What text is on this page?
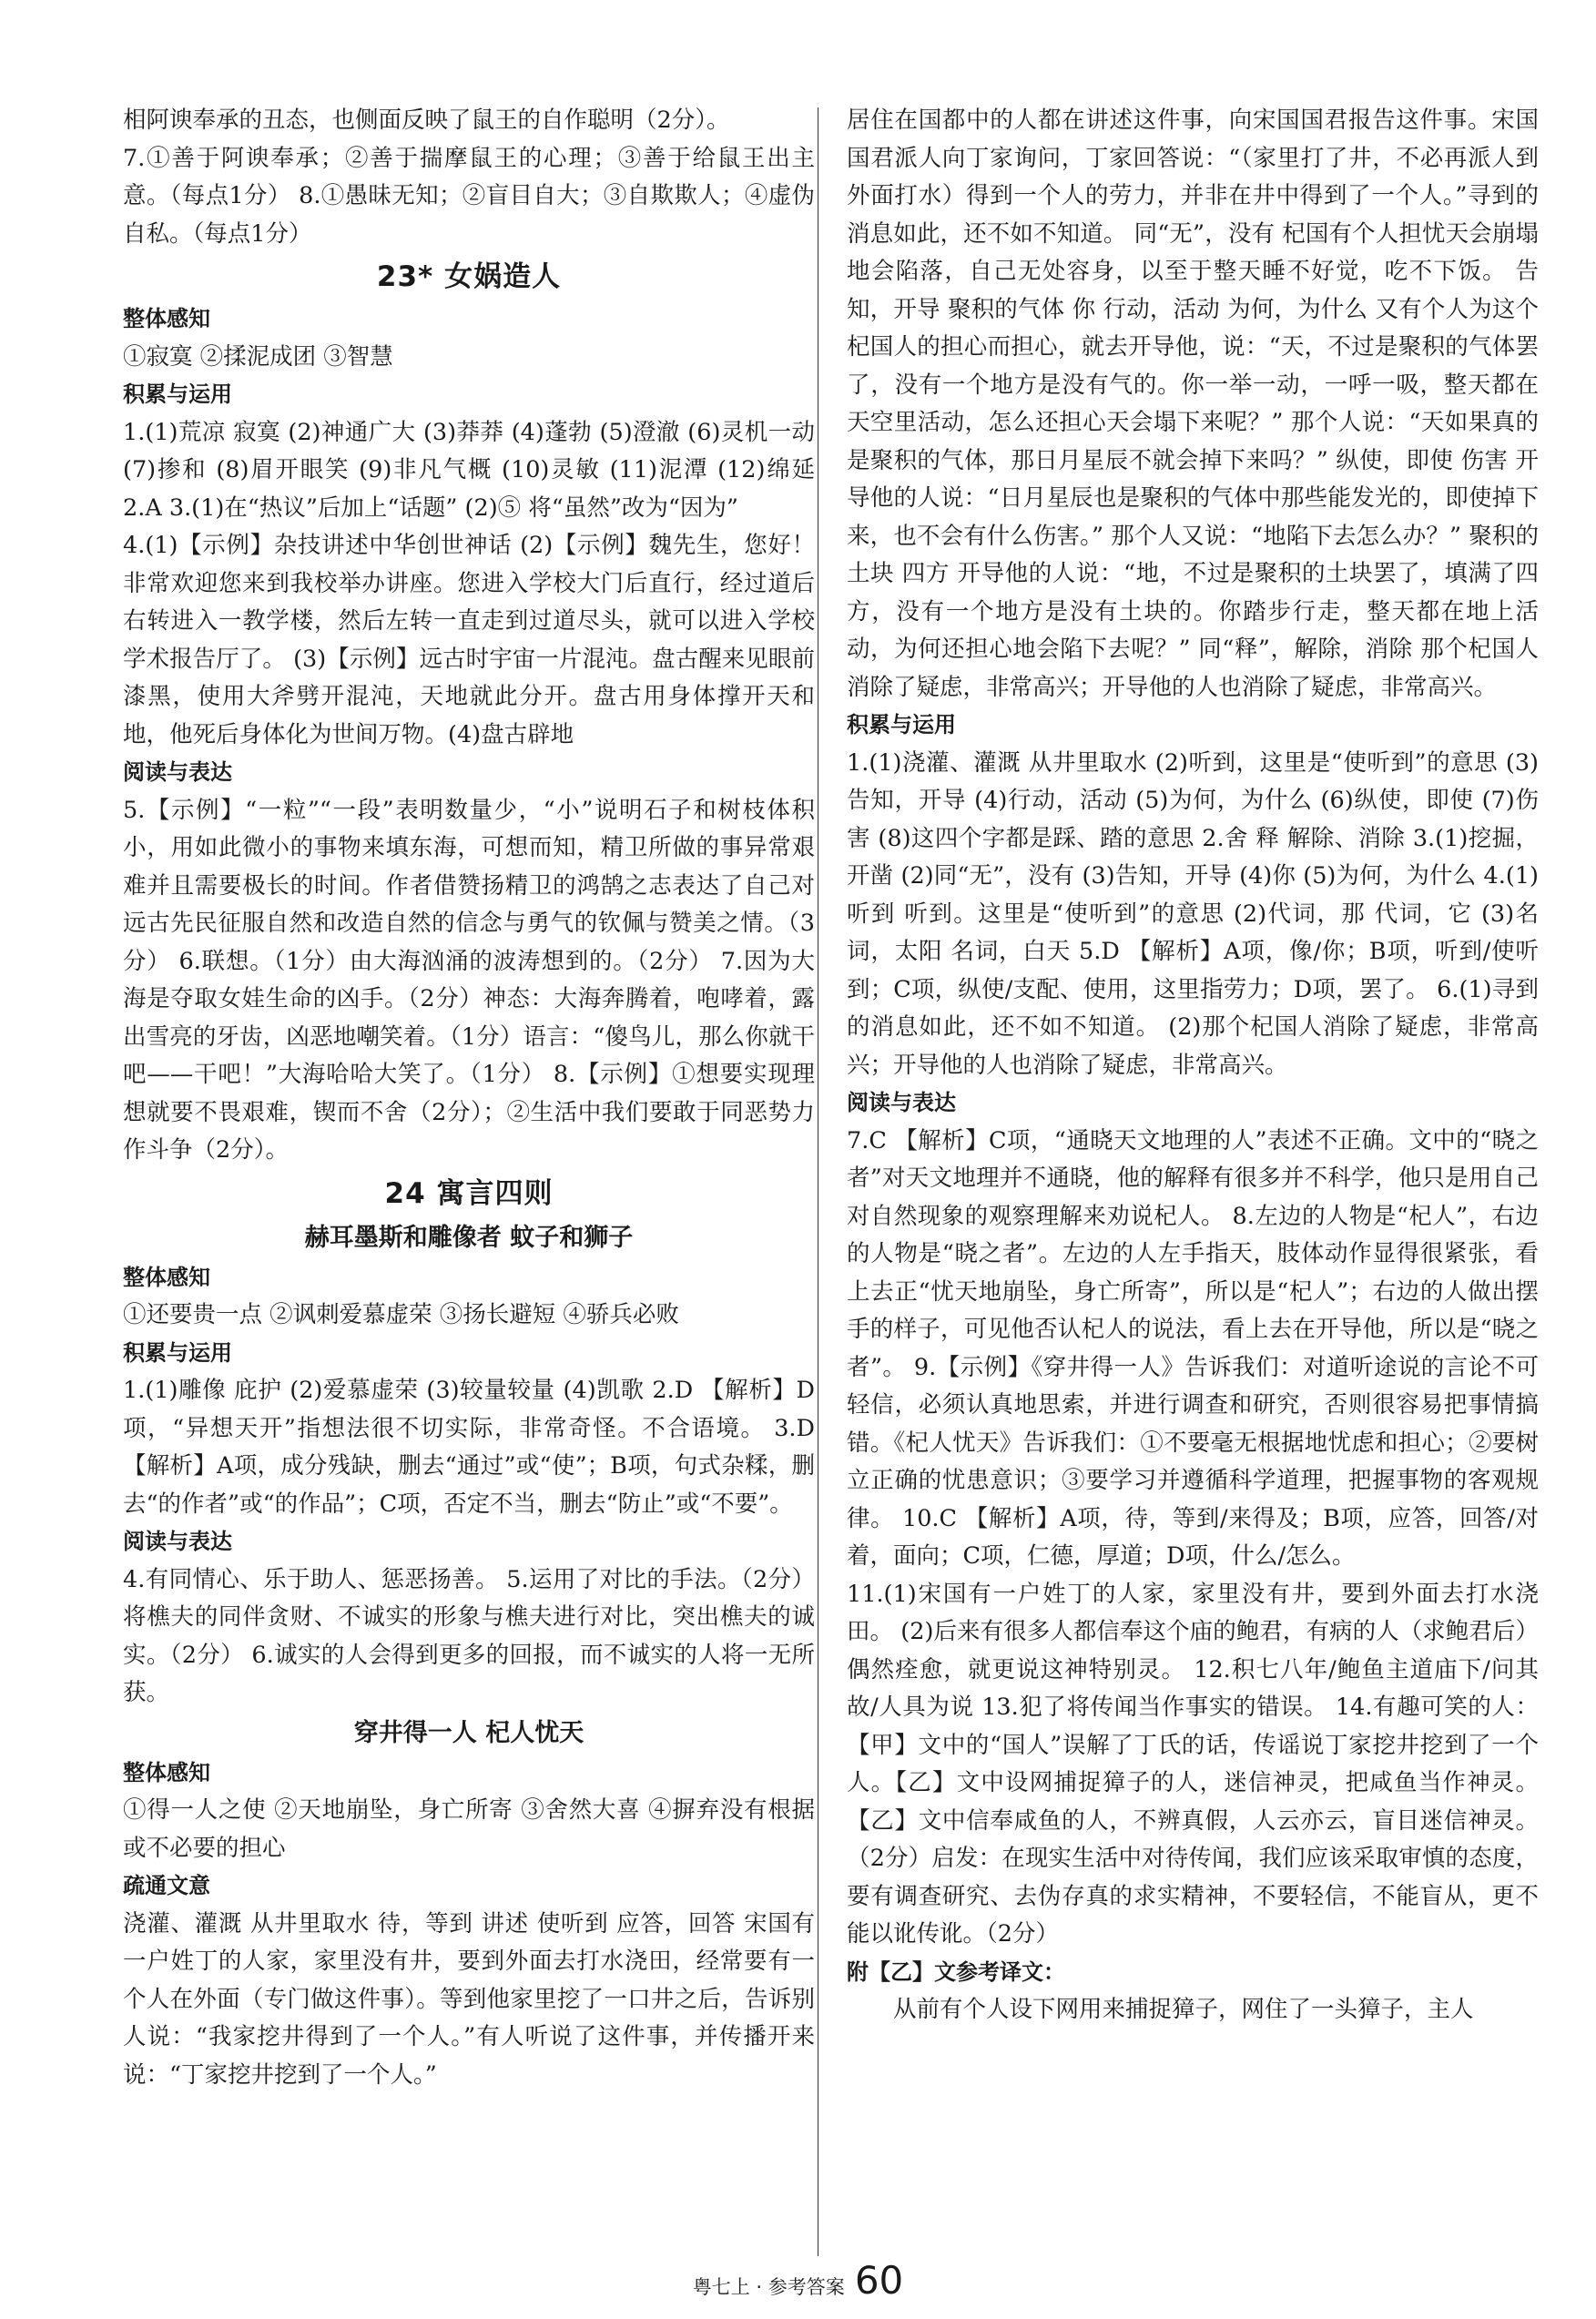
相阿谀奉承的丑态，也侧面反映了鼠王的自作聪明（2分）。

7.①善于阿谀奉承；②善于揣摩鼠王的心理；③善于给鼠王出主意。（每点1分） 8.①愚昧无知；②盲目自大；③自欺欺人；④虚伪自私。（每点1分）

23* 女娲造人

整体感知

①寂寞 ②揉泥成团 ③智慧

积累与运用

1.(1)荒凉 寂寞 (2)神通广大 (3)莽莽 (4)蓬勃 (5)澄澈 (6)灵机一动 (7)掺和 (8)眉开眼笑 (9)非凡气概 (10)灵敏 (11)泥潭 (12)绵延 2.A 3.(1)在“热议”后加上“话题” (2)⑤ 将“虽然”改为“因为”

4.(1)【示例】杂技讲述中华创世神话 (2)【示例】魏先生，您好！非常欢迎您来到我校举办讲座。您进入学校大门后直行，经过道后右转进入一教学楼，然后左转一直走到过道尽头，就可以进入学校学术报告厅了。 (3)【示例】远古时宇宙一片混沌。盘古醒来见眼前漆黑，使用大斧劈开混沌，天地就此分开。盘古用身体撑开天和地，他死后身体化为世间万物。(4)盘古辟地

阅读与表达

5.【示例】“一粒”“一段”表明数量少，“小”说明石子和树枝体积小，用如此微小的事物来填东海，可想而知，精卫所做的事异常艰难并且需要极长的时间。作者借赞扬精卫的鸿鹄之志表达了自己对远古先民征服自然和改造自然的信念与勇气的钦佩与赞美之情。（3分） 6.联想。（1分）由大海汹涌的波涛想到的。（2分） 7.因为大海是夺取女娃生命的凶手。（2分）神态：大海奔腾着，咆哮着，露出雪亮的牙齿，凶恶地嘲笑着。（1分）语言：“傻鸟儿，那么你就干吧——干吧！”大海哈哈大笑了。（1分） 8.【示例】①想要实现理想就要不畏艰难，锲而不舍（2分）；②生活中我们要敢于同恶势力作斗争（2分）。

24 寓言四则

赫耳墨斯和雕像者 蚊子和狮子

整体感知

①还要贵一点 ②讽刺爱慕虚荣 ③扬长避短 ④骄兵必败

积累与运用

1.(1)雕像 庇护 (2)爱慕虚荣 (3)较量较量 (4)凯歌 2.D 【解析】D项，“异想天开”指想法很不切实际，非常奇怪。不合语境。 3.D 【解析】A项，成分残缺，删去“通过”或“使”；B项，句式杂糅，删去“的作者”或“的作品”；C项，否定不当，删去“防止”或“不要”。

阅读与表达

4.有同情心、乐于助人、惩恶扬善。 5.运用了对比的手法。（2分）将樵夫的同伴贪财、不诚实的形象与樵夫进行对比，突出樵夫的诚实。（2分） 6.诚实的人会得到更多的回报，而不诚实的人将一无所获。

穿井得一人 杞人忧天

整体感知

①得一人之使 ②天地崩坠，身亡所寄 ③舍然大喜 ④摒弃没有根据或不必要的担心

疏通文意

浇灌、灌溉 从井里取水 待，等到 讲述 使听到 应答，回答 宋国有一户姓丁的人家，家里没有井，要到外面去打水浇田，经常要有一个人在外面（专门做这件事）。等到他家里挖了一口井之后，告诉别人说：“我家挖井得到了一个人。”有人听说了这件事，并传播开来说：“丁家挖井挖到了一个人。”

居住在国都中的人都在讲述这件事，向宋国国君报告这件事。宋国国君派人向丁家询问，丁家回答说：“（家里打了井，不必再派人到外面打水）得到一个人的劳力，并非在井中得到了一个人。”寻到的消息如此，还不如不知道。 同“无”，没有 杞国有个人担忧天会崩塌地会陷落，自己无处容身，以至于整天睡不好觉，吃不下饭。 告知，开导 聚积的气体 你 行动，活动 为何，为什么 又有个人为这个杞国人的担心而担心，就去开导他，说：“天，不过是聚积的气体罢了，没有一个地方是没有气的。你一举一动，一呼一吸，整天都在天空里活动，怎么还担心天会塌下来呢？” 那个人说：“天如果真的是聚积的气体，那日月星辰不就会掉下来吗？” 纵使，即使 伤害 开导他的人说：“日月星辰也是聚积的气体中那些能发光的，即使掉下来，也不会有什么伤害。” 那个人又说：“地陷下去怎么办？” 聚积的土块 四方 开导他的人说：“地，不过是聚积的土块罢了，填满了四方，没有一个地方是没有土块的。你踏步行走，整天都在地上活动，为何还担心地会陷下去呢？” 同“释”，解除，消除 那个杞国人消除了疑虑，非常高兴；开导他的人也消除了疑虑，非常高兴。

积累与运用

1.(1)浇灌、灌溉 从井里取水 (2)听到，这里是“使听到”的意思 (3)告知，开导 (4)行动，活动 (5)为何，为什么 (6)纵使，即使 (7)伤害 (8)这四个字都是踩、踏的意思 2.舍 释 解除、消除 3.(1)挖掘，开凿 (2)同“无”，没有 (3)告知，开导 (4)你 (5)为何，为什么 4.(1)听到 听到。这里是“使听到”的意思 (2)代词，那 代词，它 (3)名词，太阳 名词，白天 5.D 【解析】A项，像/你；B项，听到/使听到；C项，纵使/支配、使用，这里指劳力；D项，罢了。 6.(1)寻到的消息如此，还不如不知道。 (2)那个杞国人消除了疑虑，非常高兴；开导他的人也消除了疑虑，非常高兴。

阅读与表达

7.C 【解析】C项，“通晓天文地理的人”表述不正确。文中的“晓之者”对天文地理并不通晓，他的解释有很多并不科学，他只是用自己对自然现象的观察理解来劝说杞人。 8.左边的人物是“杞人”，右边的人物是“晓之者”。左边的人左手指天，肢体动作显得很紧张，看上去正“忧天地崩坠，身亡所寄”，所以是“杞人”；右边的人做出摆手的样子，可见他否认杞人的说法，看上去在开导他，所以是“晓之者”。 9.【示例】《穿井得一人》告诉我们：对道听途说的言论不可轻信，必须认真地思索，并进行调查和研究，否则很容易把事情搞错。《杞人忧天》告诉我们：①不要毫无根据地忧虑和担心；②要树立正确的忧患意识；③要学习并遵循科学道理，把握事物的客观规律。 10.C 【解析】A项，待，等到/来得及；B项，应答，回答/对着，面向；C项，仁德，厚道；D项，什么/怎么。

11.(1)宋国有一户姓丁的人家，家里没有井，要到外面去打水浇田。 (2)后来有很多人都信奉这个庙的鲍君，有病的人（求鲍君后）偶然痊愈，就更说这神特别灵。 12.积七八年/鲍鱼主道庙下/问其故/人具为说 13.犯了将传闻当作事实的错误。 14.有趣可笑的人：【甲】文中的“国人”误解了丁氏的话，传谣说丁家挖井挖到了一个人。【乙】文中设网捕捉獐子的人，迷信神灵，把咸鱼当作神灵。【乙】文中信奉咸鱼的人，不辨真假，人云亦云，盲目迷信神灵。（2分）启发：在现实生活中对待传闻，我们应该采取审慎的态度，要有调查研究、去伪存真的求实精神，不要轻信，不能盲从，更不能以讹传讹。（2分）

附【乙】文参考译文：

从前有个人设下网用来捕捉獐子，网住了一头獐子，主人

粤七上 · 参考答案 60
